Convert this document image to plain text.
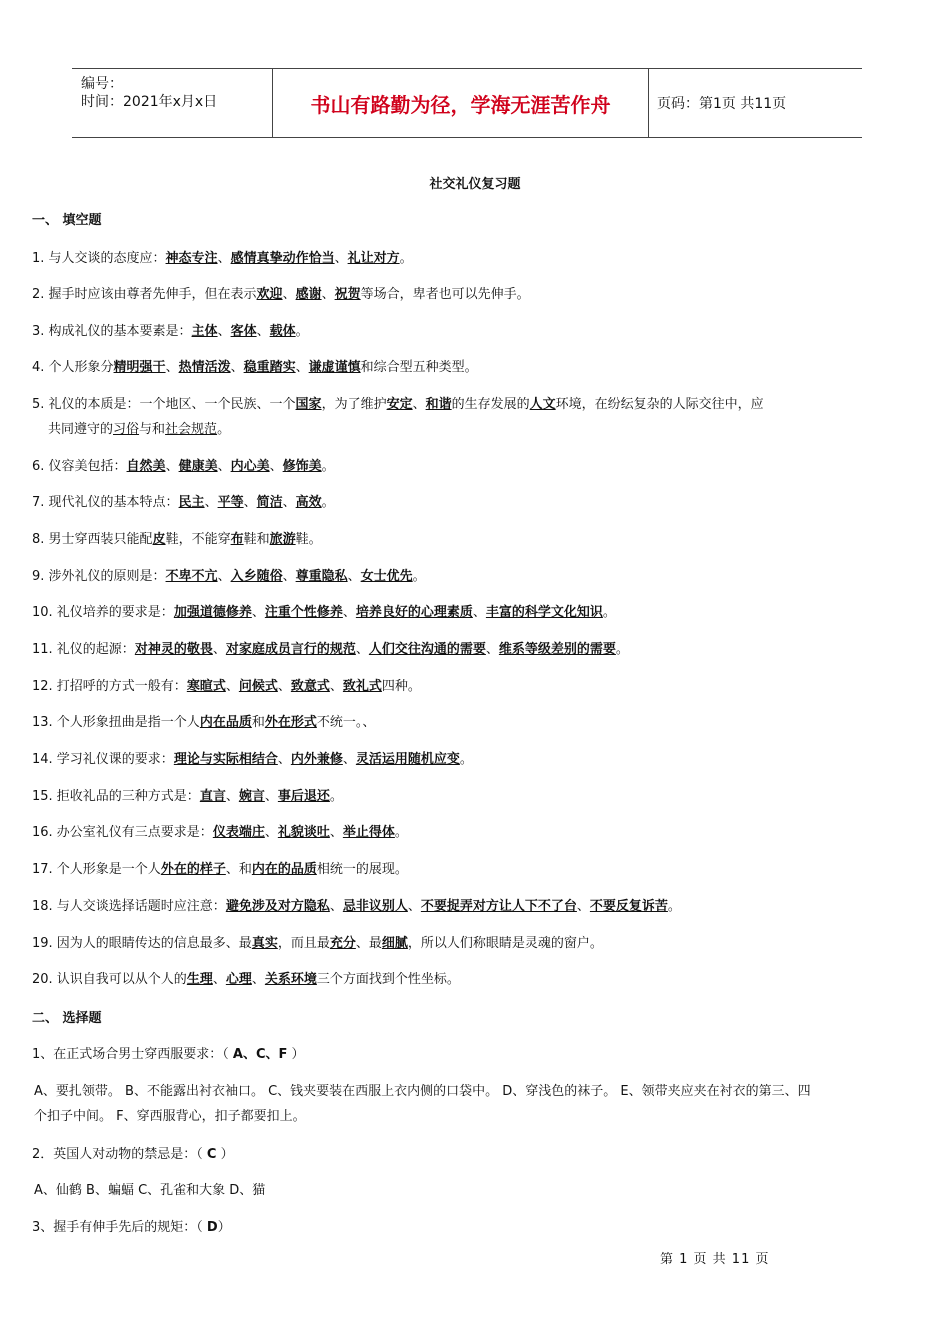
编号：
时间：2021年x月x日	书山有路勤为径，学海无涯苦作舟	页码：第1页 共11页
社交礼仪复习题
一、 填空题
1. 与人交谈的态度应：神态专注、感情真挚动作恰当、礼让对方。
2. 握手时应该由尊者先伸手，但在表示欢迎、感谢、祝贺等场合，卑者也可以先伸手。
3. 构成礼仪的基本要素是：主体、客体、载体。
4. 个人形象分精明强干、热情活泼、稳重踏实、谦虚谨慎和综合型五种类型。
5. 礼仪的本质是：一个地区、一个民族、一个国家，为了维护安定、和谐的生存发展的人文环境，在纷纭复杂的人际交往中，应
共同遵守的习俗与和社会规范。
6. 仪容美包括：自然美、健康美、内心美、修饰美。
7. 现代礼仪的基本特点：民主、平等、简洁、高效。
8. 男士穿西装只能配皮鞋，不能穿布鞋和旅游鞋。
9. 涉外礼仪的原则是：不卑不亢、入乡随俗、尊重隐私、女士优先。
10. 礼仪培养的要求是：加强道德修养、注重个性修养、培养良好的心理素质、丰富的科学文化知识。
11. 礼仪的起源：对神灵的敬畏、对家庭成员言行的规范、人们交往沟通的需要、维系等级差别的需要。
12. 打招呼的方式一般有：寒暄式、问候式、致意式、致礼式四种。
13. 个人形象扭曲是指一个人内在品质和外在形式不统一。、
14. 学习礼仪课的要求：理论与实际相结合、内外兼修、灵活运用随机应变。
15. 拒收礼品的三种方式是：直言、婉言、事后退还。
16. 办公室礼仪有三点要求是：仪表端庄、礼貌谈吐、举止得体。
17. 个人形象是一个人外在的样子、和内在的品质相统一的展现。
18. 与人交谈选择话题时应注意：避免涉及对方隐私、忌非议别人、不要捉弄对方让人下不了台、不要反复诉苦。
19. 因为人的眼睛传达的信息最多、最真实，而且最充分、最细腻，所以人们称眼睛是灵魂的窗户。
20. 认识自我可以从个人的生理、心理、关系环境三个方面找到个性坐标。
二、 选择题
1、在正式场合男士穿西服要求：（ A、C、F ）
A、要扎领带。 B、不能露出衬衣袖口。 C、钱夹要装在西服上衣内侧的口袋中。 D、穿浅色的袜子。 E、领带夹应夹在衬衣的第三、四
个扣子中间。 F、穿西服背心，扣子都要扣上。
2．英国人对动物的禁忌是：（ C ）
A、仙鹤 B、蝙蝠 C、孔雀和大象 D、猫
3、握手有伸手先后的规矩：（ D）
第 1 页 共 11 页
